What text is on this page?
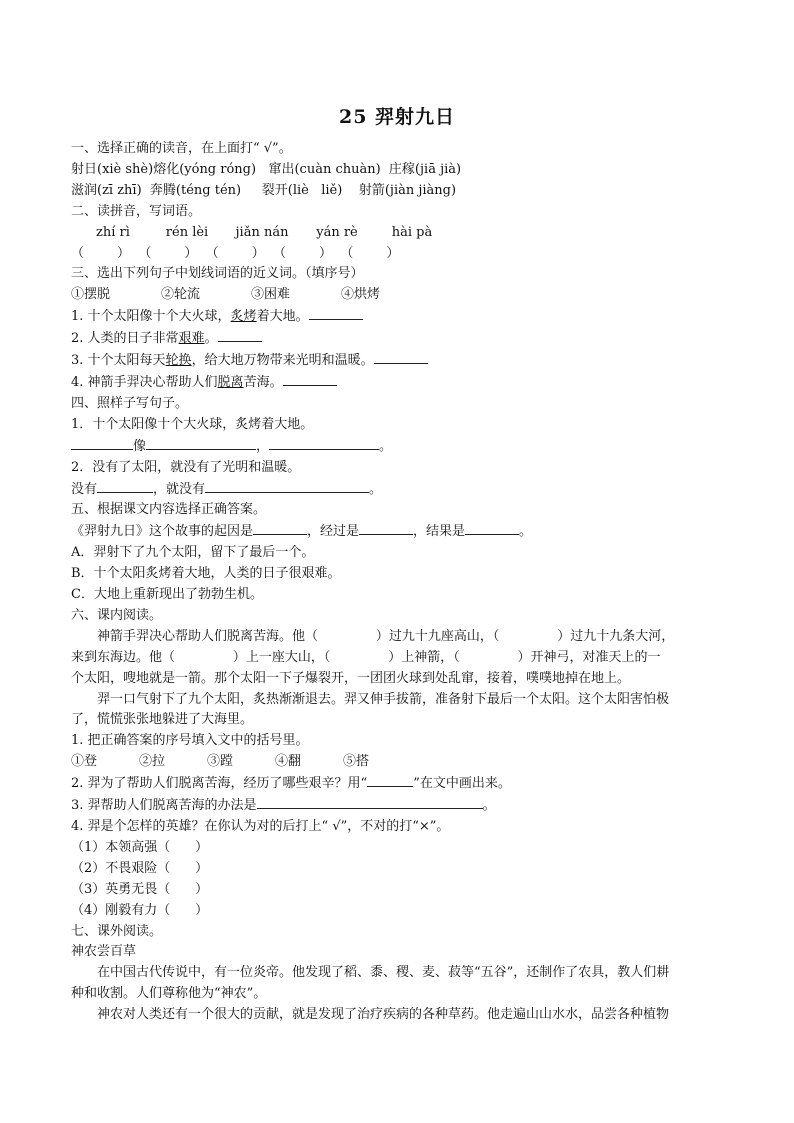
25 羿射九日

一、选择正确的读音，在上面打“ √”。

射日(xiè shè)熔化(yóng róng)   窜出(cuàn chuàn)  庄稼(jiā jià)

滋润(zī zhī)  奔腾(téng tén)     裂开(liè   liě)    射箭(jiàn jiàng)

二、读拼音，写词语。

zhí rì	rén lèi jiǎn nán yán rè	hài pà

（        ） （        ） （        ） （        ） （        ）

三、选出下列句子中划线词语的近义词。（填序号）

①摆脱	②轮流	③困难	④烘烤

1. 十个太阳像十个大火球，炙烤着大地。

2. 人类的日子非常艰难。

3. 十个太阳每天轮换，给大地万物带来光明和温暖。

4. 神箭手羿决心帮助人们脱离苦海。

四、照样子写句子。

1．十个太阳像十个大火球，炙烤着大地。

像	，	。

2．没有了太阳，就没有了光明和温暖。

没有	，就没有	。

五、根据课文内容选择正确答案。

《羿射九日》这个故事的起因是	，经过是	，结果是	。

A．羿射下了九个太阳，留下了最后一个。

B．十个太阳炙烤着大地，人类的日子很艰难。

C．大地上重新现出了勃勃生机。

六、课内阅读。

神箭手羿决心帮助人们脱离苦海。他（              ）过九十九座高山，（              ）过九十九条大河，

来到东海边。他（              ）上一座大山，（              ）上神箭，（              ）开神弓，对准天上的一

个太阳，嗖地就是一箭。那个太阳一下子爆裂开，一团团火球到处乱窜，接着，噗噗地掉在地上。

羿一口气射下了九个太阳，炙热渐渐退去。羿又伸手拔箭，准备射下最后一个太阳。这个太阳害怕极

了，慌慌张张地躲进了大海里。

1. 把正确答案的序号填入文中的括号里。

①登	②拉	③蹚	④翻	⑤搭

2. 羿为了帮助人们脱离苦海，经历了哪些艰辛？用“	”在文中画出来。

3. 羿帮助人们脱离苦海的办法是	。

4. 羿是个怎样的英雄？在你认为对的后打上“ √”，不对的打“×”。

（1）本领高强（      ）

（2）不畏艰险（      ）

（3）英勇无畏（      ）

（4）刚毅有力（      ）

七、课外阅读。

神农尝百草

在中国古代传说中，有一位炎帝。他发现了稻、黍、稷、麦、菽等“五谷”，还制作了农具，教人们耕

种和收割。人们尊称他为“神农”。

神农对人类还有一个很大的贡献，就是发现了治疗疾病的各种草药。他走遍山山水水，品尝各种植物
